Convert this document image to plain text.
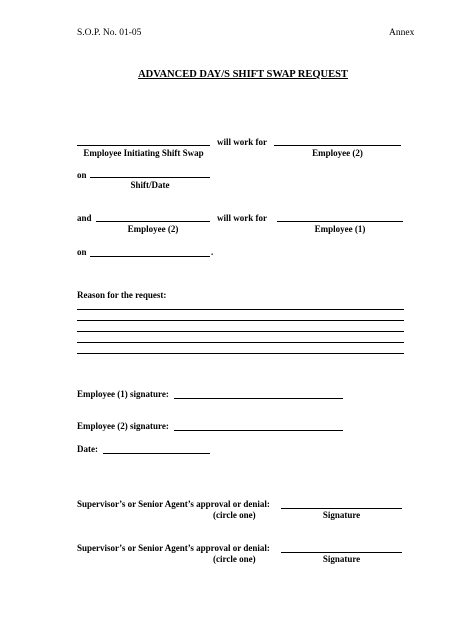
S.O.P. No. 01-05	Annex
ADVANCED DAY/S SHIFT SWAP REQUEST
will work for
Employee Initiating Shift Swap	Employee (2)
on
Shift/Date
and	will work for
Employee (2)	Employee (1)
on	.
Reason for the request:
Employee (1) signature:
Employee (2) signature:
Date:
Supervisor’s or Senior Agent’s approval or denial:
(circle one)	Signature
Supervisor’s or Senior Agent’s approval or denial:
(circle one)	Signature
